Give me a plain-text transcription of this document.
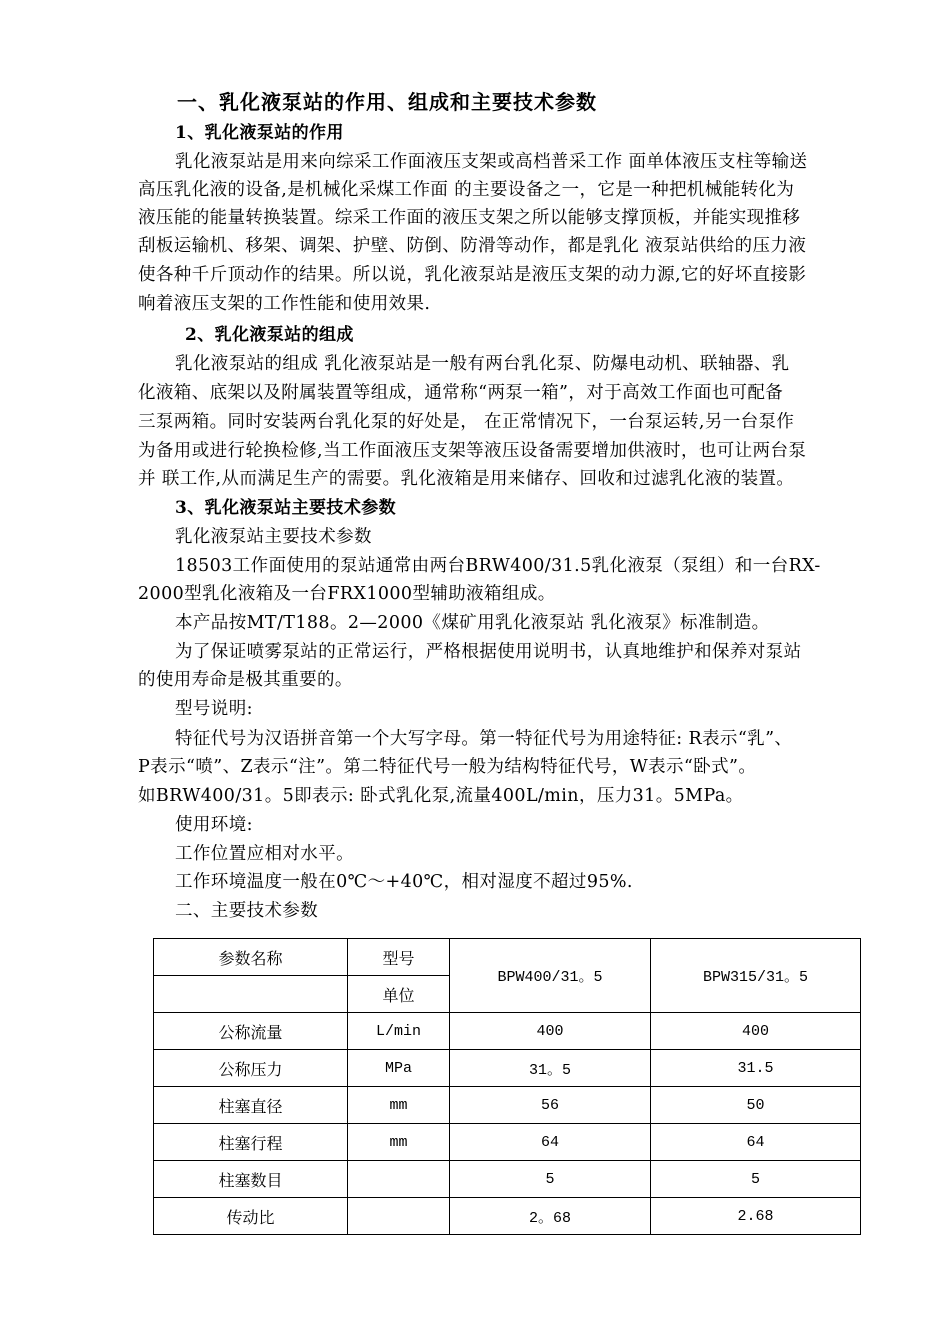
一、乳化液泵站的作用、组成和主要技术参数
1、乳化液泵站的作用
乳化液泵站是用来向综采工作面液压支架或高档普采工作 面单体液压支柱等输送
高压乳化液的设备,是机械化采煤工作面 的主要设备之一，它是一种把机械能转化为
液压能的能量转换装置。综采工作面的液压支架之所以能够支撑顶板，并能实现推移
刮板运输机、移架、调架、护壁、防倒、防滑等动作，都是乳化 液泵站供给的压力液
使各种千斤顶动作的结果。所以说，乳化液泵站是液压支架的动力源,它的好坏直接影
响着液压支架的工作性能和使用效果.
2、乳化液泵站的组成
乳化液泵站的组成 乳化液泵站是一般有两台乳化泵、防爆电动机、联轴器、乳
化液箱、底架以及附属装置等组成，通常称“两泵一箱”，对于高效工作面也可配备
三泵两箱。同时安装两台乳化泵的好处是， 在正常情况下，一台泵运转,另一台泵作
为备用或进行轮换检修,当工作面液压支架等液压设备需要增加供液时，也可让两台泵
并 联工作,从而满足生产的需要。乳化液箱是用来储存、回收和过滤乳化液的装置。
3、乳化液泵站主要技术参数
乳化液泵站主要技术参数
18503工作面使用的泵站通常由两台BRW400/31.5乳化液泵（泵组）和一台RX-
2000型乳化液箱及一台FRX1000型辅助液箱组成。
本产品按MT/T188。2—2000《煤矿用乳化液泵站 乳化液泵》标准制造。
为了保证喷雾泵站的正常运行，严格根据使用说明书，认真地维护和保养对泵站
的使用寿命是极其重要的。
型号说明:
特征代号为汉语拼音第一个大写字母。第一特征代号为用途特征: R表示“乳”、
P表示“喷”、Z表示“注”。第二特征代号一般为结构特征代号，W表示“卧式”。
如BRW400/31。5即表示: 卧式乳化泵,流量400L/min，压力31。5MPa。
使用环境:
工作位置应相对水平。
工作环境温度一般在0℃～+40℃，相对湿度不超过95%.
二、主要技术参数
参数名称	型号	BPW400/31。5	BPW315/31。5
	单位		
公称流量	L/min	400	400
公称压力	MPa	31。5	31.5
柱塞直径	mm	56	50
柱塞行程	mm	64	64
柱塞数目		5	5
传动比		2。68	2.68
